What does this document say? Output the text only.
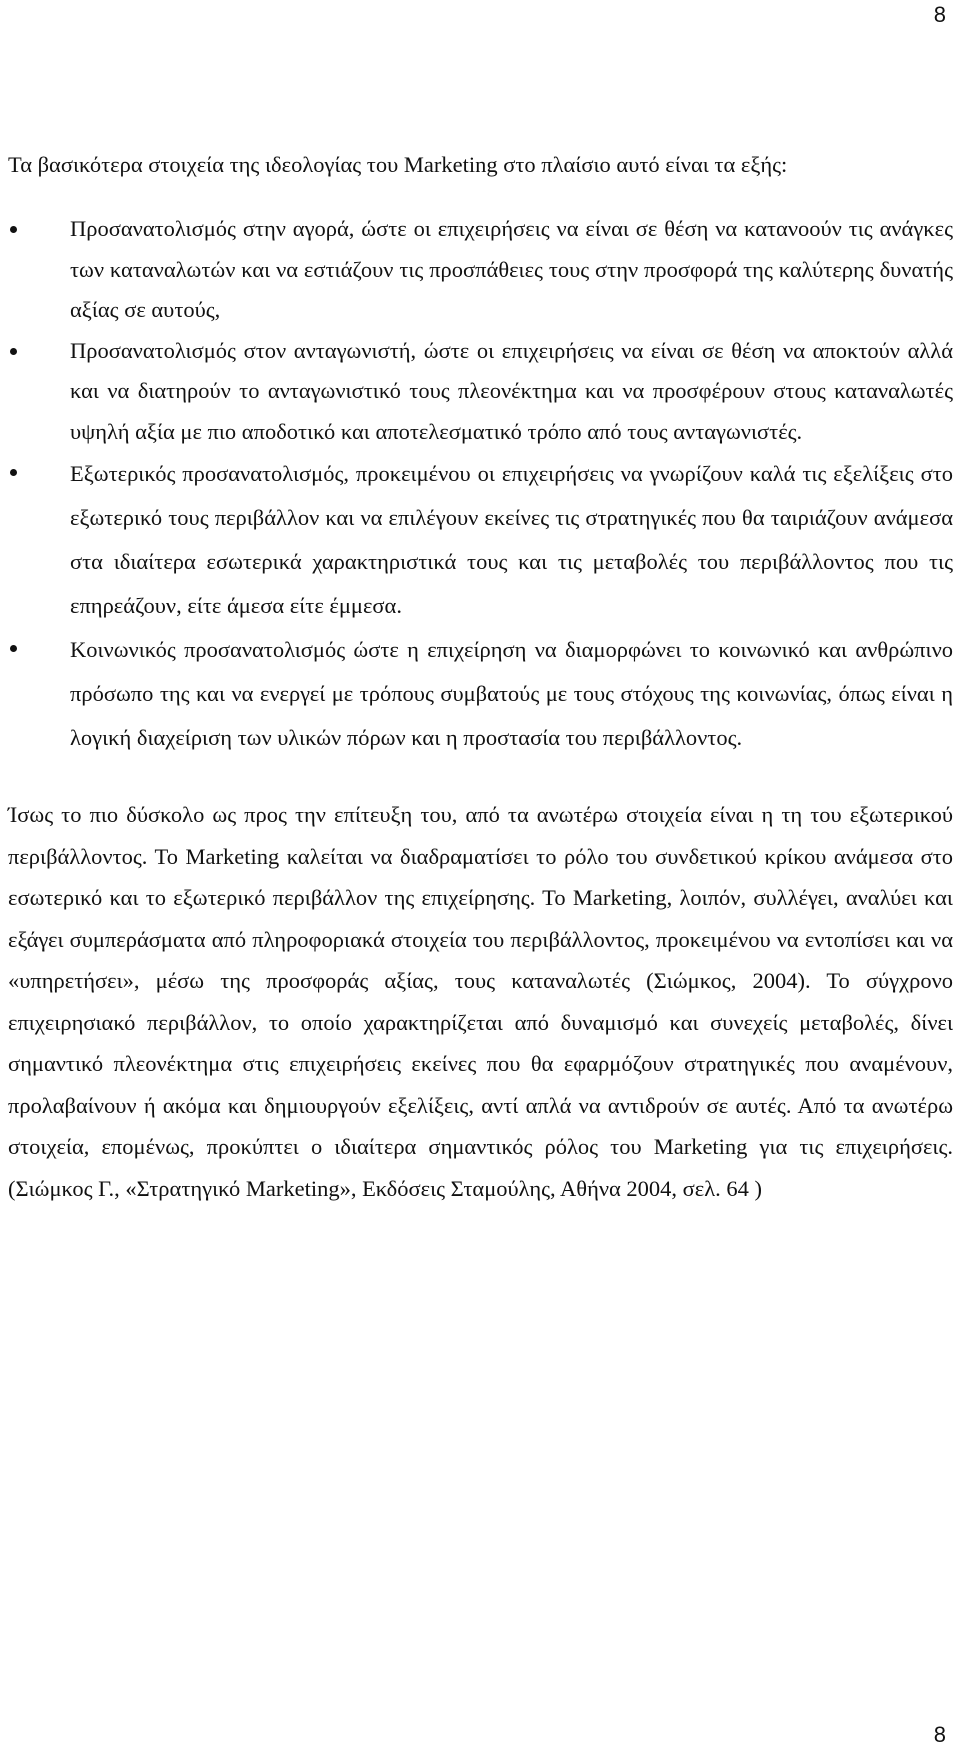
8

Τα βασικότερα στοιχεία της ιδεολογίας του Marketing στο πλαίσιο αυτό είναι τα εξής:

Προσανατολισμός στην αγορά, ώστε οι επιχειρήσεις να είναι σε θέση να κατανοούν τις ανάγκες των καταναλωτών και να εστιάζουν τις προσπάθειες τους στην προσφορά της καλύτερης δυνατής αξίας σε αυτούς,
Προσανατολισμός στον ανταγωνιστή, ώστε οι επιχειρήσεις να είναι σε θέση να αποκτούν αλλά και να διατηρούν το ανταγωνιστικό τους πλεονέκτημα και να προσφέρουν στους καταναλωτές υψηλή αξία με πιο αποδοτικό και αποτελεσματικό τρόπο από τους ανταγωνιστές.
Εξωτερικός προσανατολισμός, προκειμένου οι επιχειρήσεις να γνωρίζουν καλά τις εξελίξεις στο εξωτερικό τους περιβάλλον και να επιλέγουν εκείνες τις στρατηγικές που θα ταιριάζουν ανάμεσα στα ιδιαίτερα εσωτερικά χαρακτηριστικά τους και τις μεταβολές του περιβάλλοντος που τις επηρεάζουν, είτε άμεσα είτε έμμεσα.
Κοινωνικός προσανατολισμός ώστε η επιχείρηση να διαμορφώνει το κοινωνικό και ανθρώπινο πρόσωπο της και να ενεργεί με τρόπους συμβατούς με τους στόχους της κοινωνίας, όπως είναι η λογική διαχείριση των υλικών πόρων και η προστασία του περιβάλλοντος.

Ίσως το πιο δύσκολο ως προς την επίτευξη του, από τα ανωτέρω στοιχεία είναι η τη του εξωτερικού περιβάλλοντος. Το Marketing καλείται να διαδραματίσει το ρόλο του συνδετικού κρίκου ανάμεσα στο εσωτερικό και το εξωτερικό περιβάλλον της επιχείρησης. Το Marketing, λοιπόν, συλλέγει, αναλύει και εξάγει συμπεράσματα από πληροφοριακά στοιχεία του περιβάλλοντος, προκειμένου να εντοπίσει και να «υπηρετήσει», μέσω της προσφοράς αξίας, τους καταναλωτές (Σιώμκος, 2004). Το σύγχρονο επιχειρησιακό περιβάλλον, το οποίο χαρακτηρίζεται από δυναμισμό και συνεχείς μεταβολές, δίνει σημαντικό πλεονέκτημα στις επιχειρήσεις εκείνες που θα εφαρμόζουν στρατηγικές που αναμένουν, προλαβαίνουν ή ακόμα και δημιουργούν εξελίξεις, αντί απλά να αντιδρούν σε αυτές. Από τα ανωτέρω στοιχεία, επομένως, προκύπτει ο ιδιαίτερα σημαντικός ρόλος του Marketing για τις επιχειρήσεις. (Σιώμκος Γ., «Στρατηγικό Marketing», Εκδόσεις Σταμούλης, Αθήνα 2004, σελ. 64 )

8
